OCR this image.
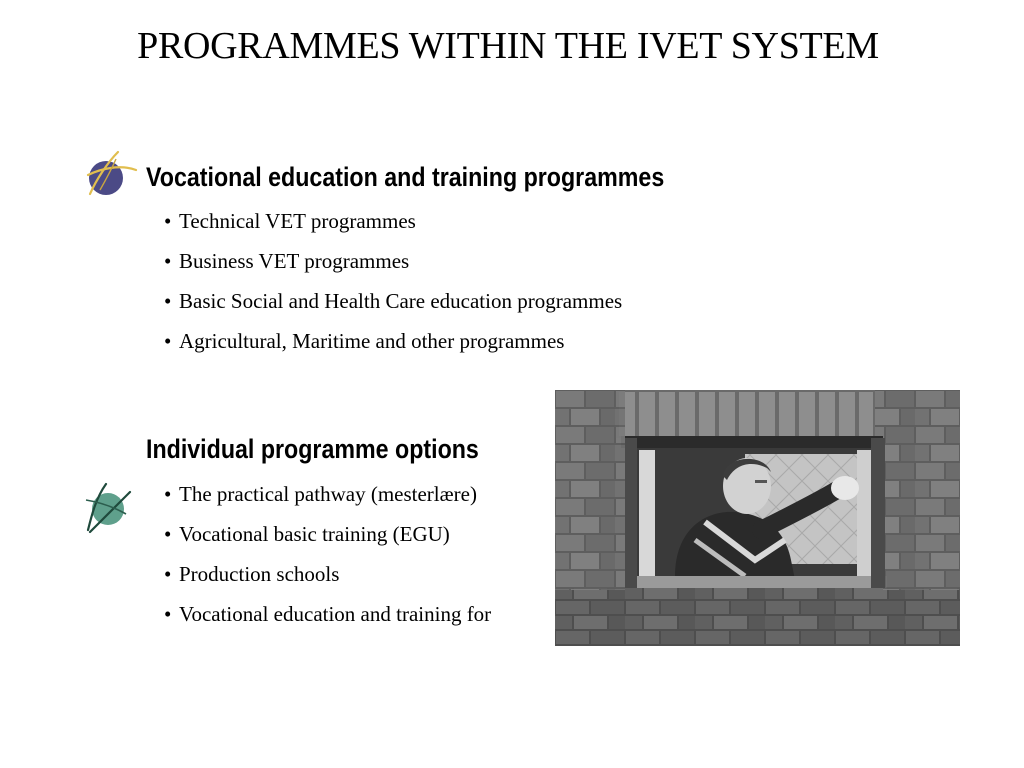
PROGRAMMES WITHIN THE IVET SYSTEM
Vocational education and training programmes
• Technical VET programmes
• Business VET programmes
• Basic Social and Health Care education programmes
• Agricultural, Maritime and other programmes
Individual programme options
• The practical pathway (mesterlære)
• Vocational basic training (EGU)
• Production schools
• Vocational education and training for
